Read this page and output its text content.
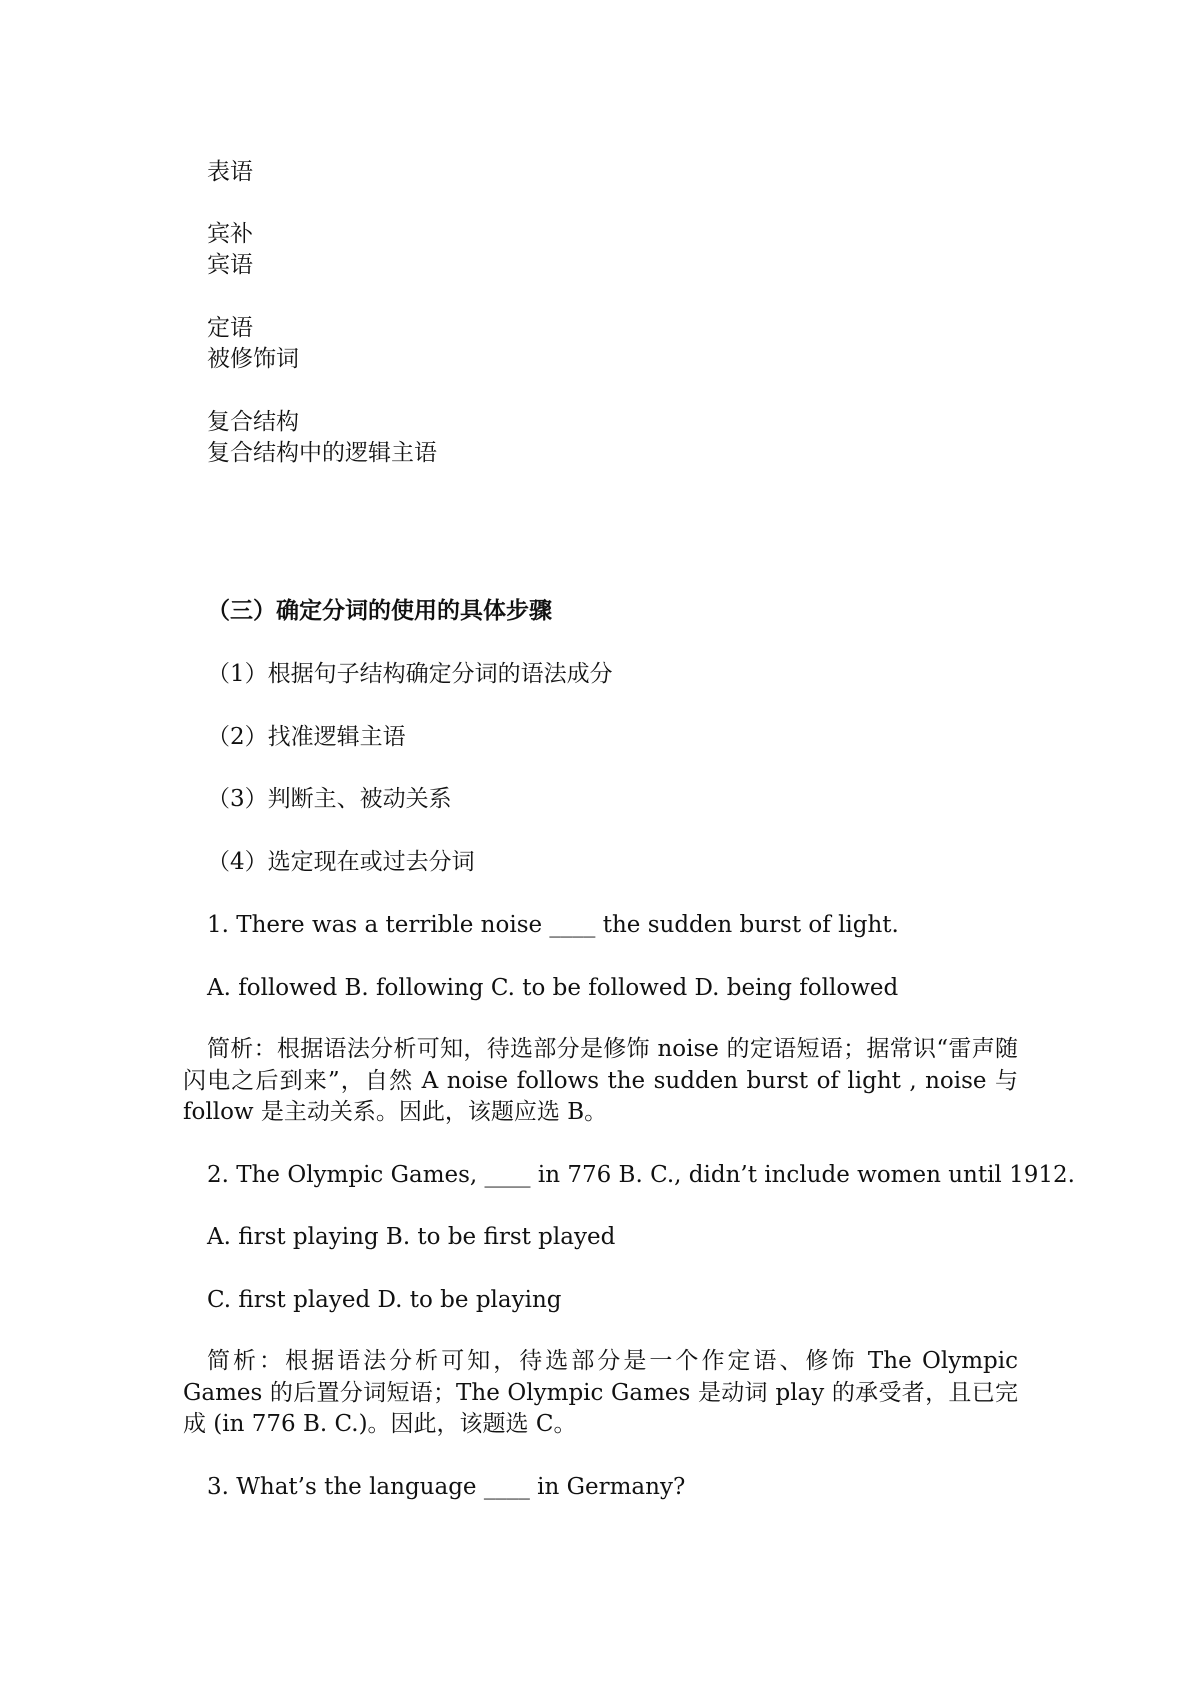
表语
宾补
宾语
定语
被修饰词
复合结构
复合结构中的逻辑主语
（三）确定分词的使用的具体步骤
（1）根据句子结构确定分词的语法成分
（2）找准逻辑主语
（3）判断主、被动关系
（4）选定现在或过去分词
1. There was a terrible noise ____ the sudden burst of light.
A. followed B. following C. to be followed D. being followed
简析：根据语法分析可知，待选部分是修饰 noise 的定语短语；据常识“雷声随闪电之后到来”，自然 A noise follows the sudden burst of light , noise 与 follow 是主动关系。因此，该题应选 B。
2. The Olympic Games, ____ in 776 B. C., didn’t include women until 1912.
A. first playing B. to be first played
C. first played D. to be playing
简析：根据语法分析可知，待选部分是一个作定语、修饰 The Olympic Games 的后置分词短语；The Olympic Games 是动词 play 的承受者，且已完成 (in 776 B. C.)。因此，该题选 C。
3. What’s the language ____ in Germany?
